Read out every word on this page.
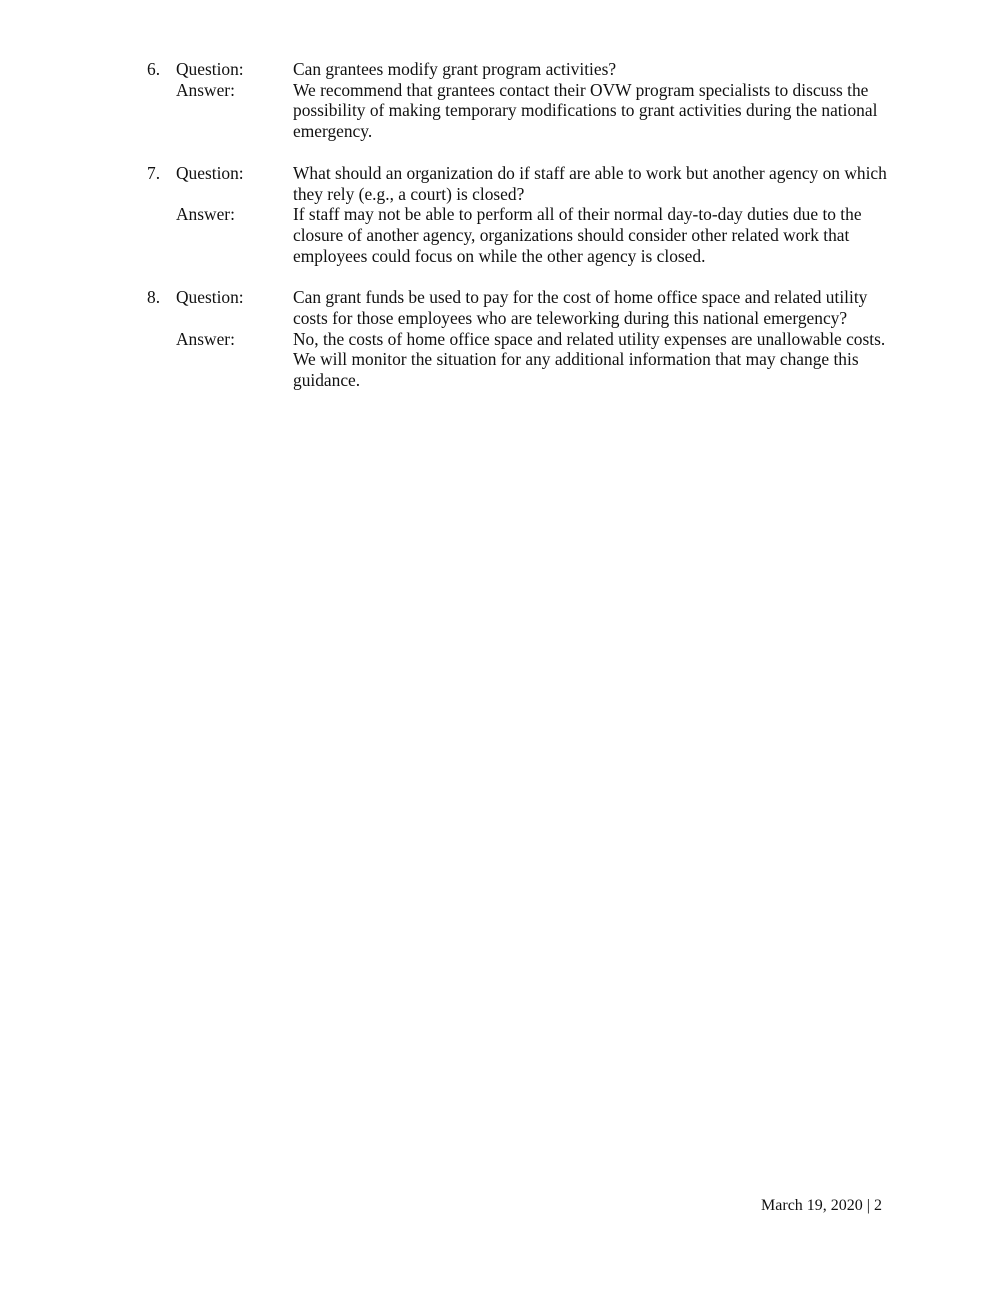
6. Question:	Can grantees modify grant program activities?
Answer:	We recommend that grantees contact their OVW program specialists to discuss the possibility of making temporary modifications to grant activities during the national emergency.
7. Question:	What should an organization do if staff are able to work but another agency on which they rely (e.g., a court) is closed?
Answer:	If staff may not be able to perform all of their normal day-to-day duties due to the closure of another agency, organizations should consider other related work that employees could focus on while the other agency is closed.
8. Question:	Can grant funds be used to pay for the cost of home office space and related utility costs for those employees who are teleworking during this national emergency?
Answer:	No, the costs of home office space and related utility expenses are unallowable costs. We will monitor the situation for any additional information that may change this guidance.
March 19, 2020 | 2
